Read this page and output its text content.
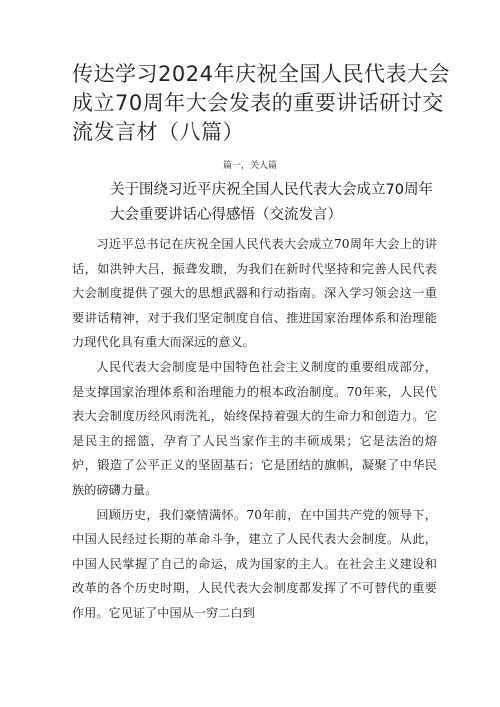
传达学习2024年庆祝全国人民代表大会成立70周年大会发表的重要讲话研讨交流发言材（八篇）

篇一，关人篇

关于围绕习近平庆祝全国人民代表大会成立70周年大会重要讲话心得感悟（交流发言）

习近平总书记在庆祝全国人民代表大会成立70周年大会上的讲话，如洪钟大吕，振聋发聩，为我们在新时代坚持和完善人民代表大会制度提供了强大的思想武器和行动指南。深入学习领会这一重要讲话精神，对于我们坚定制度自信、推进国家治理体系和治理能力现代化具有重大而深远的意义。

人民代表大会制度是中国特色社会主义制度的重要组成部分，是支撑国家治理体系和治理能力的根本政治制度。70年来，人民代表大会制度历经风雨洗礼，始终保持着强大的生命力和创造力。它是民主的摇篮，孕育了人民当家作主的丰硕成果；它是法治的熔炉，锻造了公平正义的坚固基石；它是团结的旗帜，凝聚了中华民族的磅礴力量。

回顾历史，我们豪情满怀。70年前，在中国共产党的领导下，中国人民经过长期的革命斗争，建立了人民代表大会制度。从此，中国人民掌握了自己的命运，成为国家的主人。在社会主义建设和改革的各个历史时期，人民代表大会制度都发挥了不可替代的重要作用。它见证了中国从一穷二白到
